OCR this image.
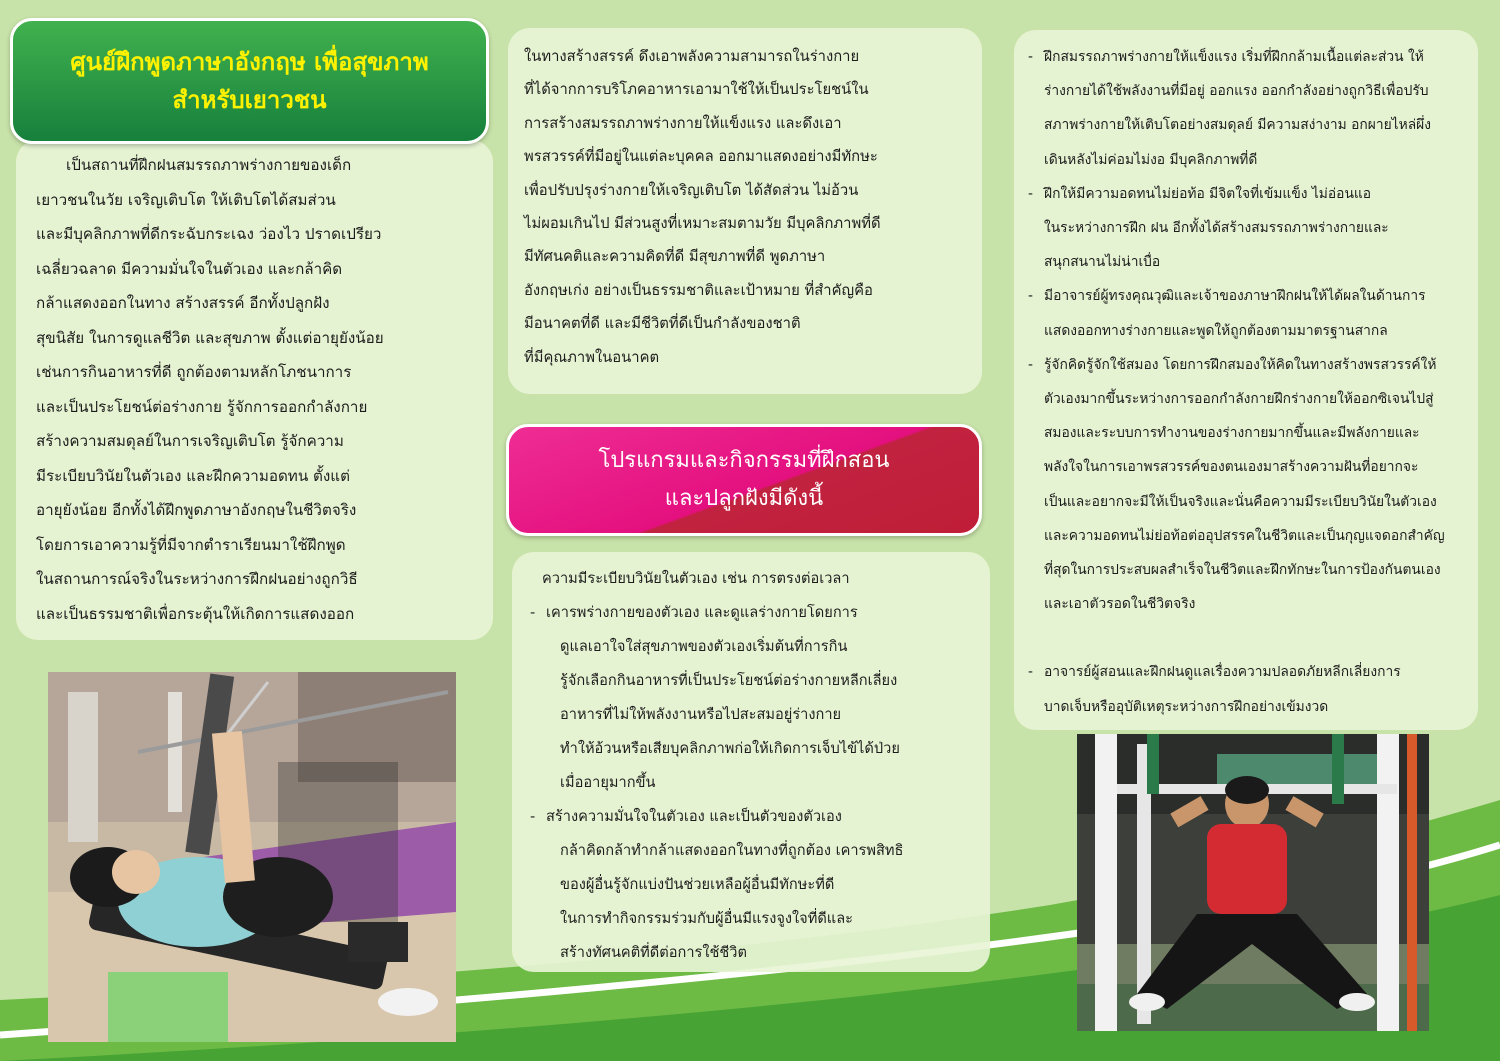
ศูนย์ฝึกพูดภาษาอังกฤษ เพื่อสุขภาพ
สำหรับเยาวชน

เป็นสถานที่ฝึกฝนสมรรถภาพร่างกายของเด็ก

เยาวชนในวัย เจริญเติบโต ให้เติบโตได้สมส่วน

และมีบุคลิกภาพที่ดีกระฉับกระเฉง ว่องไว ปราดเปรียว

เฉลี่ยวฉลาด มีความมั่นใจในตัวเอง และกล้าคิด

กล้าแสดงออกในทาง สร้างสรรค์ อีกทั้งปลูกฝัง

สุขนิสัย ในการดูแลชีวิต และสุขภาพ ตั้งแต่อายุยังน้อย

เช่นการกินอาหารที่ดี ถูกต้องตามหลักโภชนาการ

และเป็นประโยชน์ต่อร่างกาย รู้จักการออกกำลังกาย

สร้างความสมดุลย์ในการเจริญเติบโต รู้จักความ

มีระเบียบวินัยในตัวเอง และฝึกความอดทน ตั้งแต่

อายุยังน้อย อีกทั้งได้ฝึกพูดภาษาอังกฤษในชีวิตจริง

โดยการเอาความรู้ที่มีจากตำราเรียนมาใช้ฝึกพูด

ในสถานการณ์จริงในระหว่างการฝึกฝนอย่างถูกวิธี

และเป็นธรรมชาติเพื่อกระตุ้นให้เกิดการแสดงออก

ในทางสร้างสรรค์ ดึงเอาพลังความสามารถในร่างกาย

ที่ได้จากการบริโภคอาหารเอามาใช้ให้เป็นประโยชน์ใน

การสร้างสมรรถภาพร่างกายให้แข็งแรง และดึงเอา

พรสวรรค์ที่มีอยู่ในแต่ละบุคคล ออกมาแสดงอย่างมีทักษะ

เพื่อปรับปรุงร่างกายให้เจริญเติบโต ได้สัดส่วน ไม่อ้วน

ไม่ผอมเกินไป มีส่วนสูงที่เหมาะสมตามวัย มีบุคลิกภาพที่ดี

มีทัศนคติและความคิดที่ดี มีสุขภาพที่ดี พูดภาษา

อังกฤษเก่ง อย่างเป็นธรรมชาติและเป้าหมาย ที่สำคัญคือ

มีอนาคตที่ดี และมีชีวิตที่ดีเป็นกำลังของชาติ

ที่มีคุณภาพในอนาคต

โปรแกรมและกิจกรรมที่ฝึกสอน
และปลูกฝังมีดังนี้

ความมีระเบียบวินัยในตัวเอง เช่น การตรงต่อเวลา

- เคารพร่างกายของตัวเอง และดูแลร่างกายโดยการ

ดูแลเอาใจใส่สุขภาพของตัวเองเริ่มต้นที่การกิน

รู้จักเลือกกินอาหารที่เป็นประโยชน์ต่อร่างกายหลีกเลี่ยง

อาหารที่ไม่ให้พลังงานหรือไปสะสมอยู่ร่างกาย

ทำให้อ้วนหรือเสียบุคลิกภาพก่อให้เกิดการเจ็บไข้ได้ป่วย

เมื่ออายุมากขึ้น

- สร้างความมั่นใจในตัวเอง และเป็นตัวของตัวเอง

กล้าคิดกล้าทำกล้าแสดงออกในทางที่ถูกต้อง เคารพสิทธิ

ของผู้อื่นรู้จักแบ่งปันช่วยเหลือผู้อื่นมีทักษะที่ดี

ในการทำกิจกรรมร่วมกับผู้อื่นมีแรงจูงใจที่ดีและ

สร้างทัศนคติที่ดีต่อการใช้ชีวิต

- ฝึกสมรรถภาพร่างกายให้แข็งแรง เริ่มที่ฝึกกล้ามเนื้อแต่ละส่วน ให้

ร่างกายได้ใช้พลังงานที่มีอยู่ ออกแรง ออกกำลังอย่างถูกวิธีเพื่อปรับ

สภาพร่างกายให้เติบโตอย่างสมดุลย์ มีความสง่างาม อกผายไหล่ผึ่ง

เดินหลังไม่ค่อมไม่งอ มีบุคลิกภาพที่ดี

- ฝึกให้มีความอดทนไม่ย่อท้อ มีจิตใจที่เข้มแข็ง ไม่อ่อนแอ

ในระหว่างการฝึก ฝน อีกทั้งได้สร้างสมรรถภาพร่างกายและ

สนุกสนานไม่น่าเบื่อ

- มีอาจารย์ผู้ทรงคุณวุฒิและเจ้าของภาษาฝึกฝนให้ได้ผลในด้านการ

แสดงออกทางร่างกายและพูดให้ถูกต้องตามมาตรฐานสากล

- รู้จักคิดรู้จักใช้สมอง โดยการฝึกสมองให้คิดในทางสร้างพรสวรรค์ให้

ตัวเองมากขึ้นระหว่างการออกกำลังกายฝึกร่างกายให้ออกซิเจนไปสู่

สมองและระบบการทำงานของร่างกายมากขึ้นและมีพลังกายและ

พลังใจในการเอาพรสวรรค์ของตนเองมาสร้างความฝันที่อยากจะ

เป็นและอยากจะมีให้เป็นจริงและนั่นคือความมีระเบียบวินัยในตัวเอง

และความอดทนไม่ย่อท้อต่ออุปสรรคในชีวิตและเป็นกุญแจดอกสำคัญ

ที่สุดในการประสบผลสำเร็จในชีวิตและฝึกทักษะในการป้องกันตนเอง

และเอาตัวรอดในชีวิตจริง

- อาจารย์ผู้สอนและฝึกฝนดูแลเรื่องความปลอดภัยหลีกเลี่ยงการ

บาดเจ็บหรืออุบัติเหตุระหว่างการฝึกอย่างเข้มงวด
